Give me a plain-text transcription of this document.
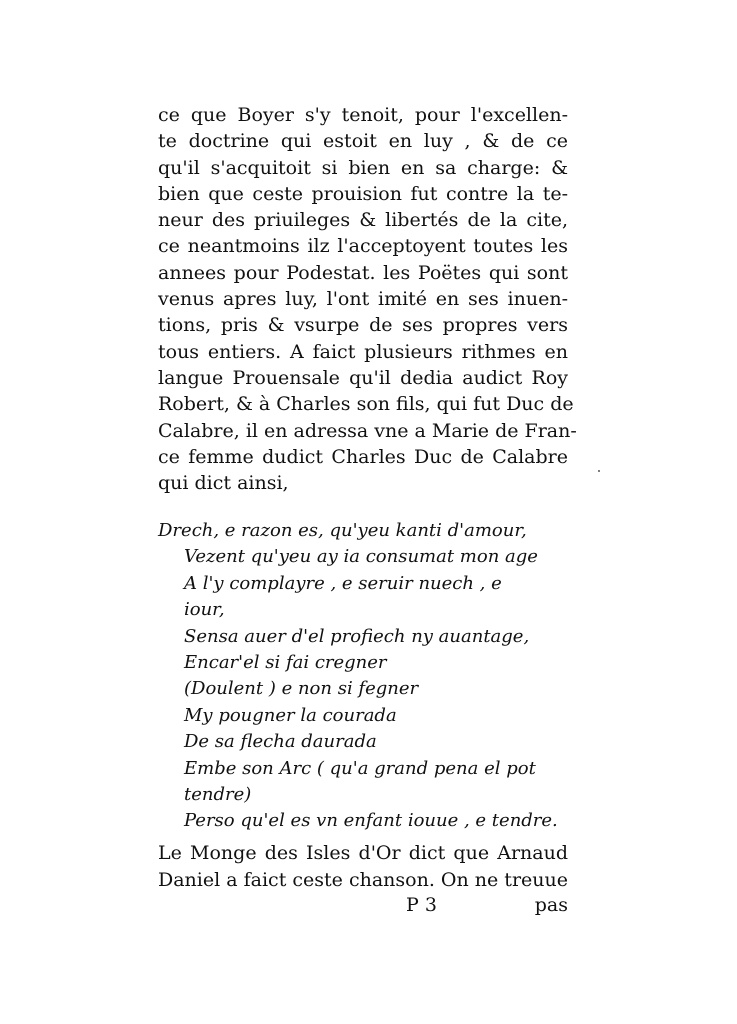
ce que Boyer s'y tenoit, pour l'excellen-
te doctrine qui estoit en luy , & de ce
qu'il s'acquitoit si bien en sa charge: &
bien que ceste prouision fut contre la te-
neur des priuileges & libertés de la cite,
ce neantmoins ilz l'acceptoyent toutes les
annees pour Podestat. les Poëtes qui sont
venus apres luy, l'ont imité en ses inuen-
tions, pris & vsurpe de ses propres vers
tous entiers. A faict plusieurs rithmes en
langue Prouensale qu'il dedia audict Roy
Robert, & à Charles son fils, qui fut Duc de
Calabre, il en adressa vne a Marie de Fran-
ce femme dudict Charles Duc de Calabre
qui dict ainsi,
Drech, e razon es, qu'yeu kanti d'amour,
Vezent qu'yeu ay ia consumat mon age
A l'y complayre , e seruir nuech , e
iour,
Sensa auer d'el profiech ny auantage,
Encar'el si fai cregner
(Doulent ) e non si fegner
My pougner la courada
De sa flecha daurada
Embe son Arc ( qu'a grand pena el pot
tendre)
Perso qu'el es vn enfant iouue , e tendre.
Le Monge des Isles d'Or dict que Arnaud
Daniel a faict ceste chanson. On ne treuue
P 3	pas
